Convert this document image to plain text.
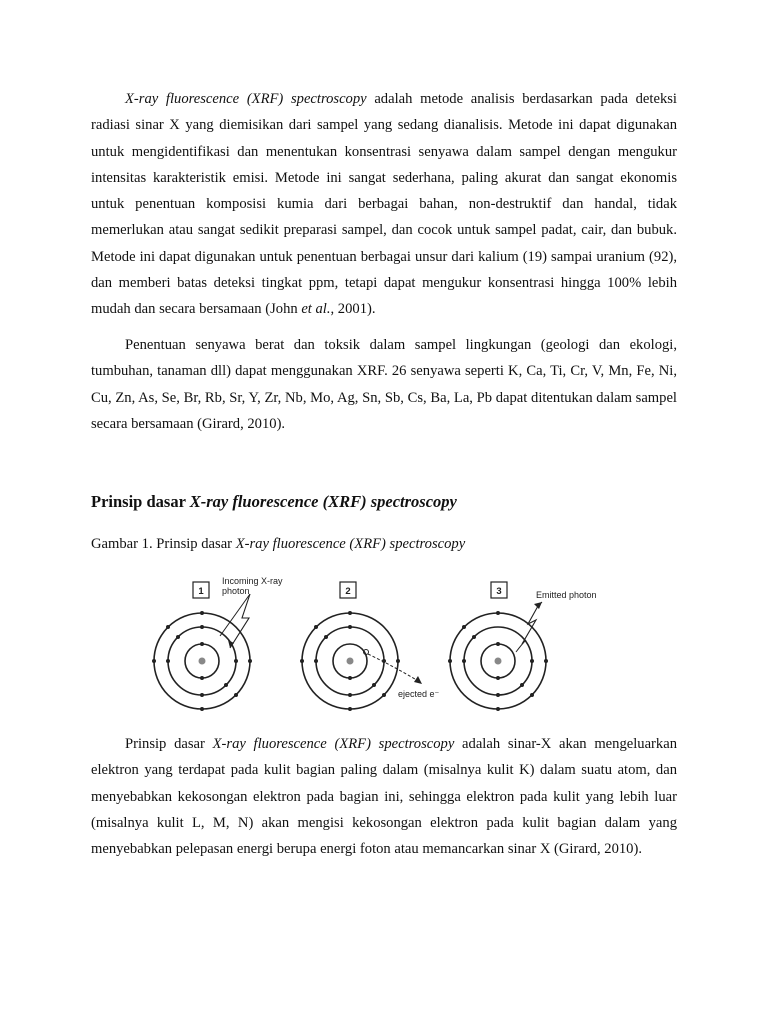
X-ray fluorescence (XRF) spectroscopy adalah metode analisis berdasarkan pada deteksi radiasi sinar X yang diemisikan dari sampel yang sedang dianalisis. Metode ini dapat digunakan untuk mengidentifikasi dan menentukan konsentrasi senyawa dalam sampel dengan mengukur intensitas karakteristik emisi. Metode ini sangat sederhana, paling akurat dan sangat ekonomis untuk penentuan komposisi kumia dari berbagai bahan, non-destruktif dan handal, tidak memerlukan atau sangat sedikit preparasi sampel, dan cocok untuk sampel padat, cair, dan bubuk. Metode ini dapat digunakan untuk penentuan berbagai unsur dari kalium (19) sampai uranium (92), dan memberi batas deteksi tingkat ppm, tetapi dapat mengukur konsentrasi hingga 100% lebih mudah dan secara bersamaan (John et al., 2001).

Penentuan senyawa berat dan toksik dalam sampel lingkungan (geologi dan ekologi, tumbuhan, tanaman dll) dapat menggunakan XRF. 26 senyawa seperti K, Ca, Ti, Cr, V, Mn, Fe, Ni, Cu, Zn, As, Se, Br, Rb, Sr, Y, Zr, Nb, Mo, Ag, Sn, Sb, Cs, Ba, La, Pb dapat ditentukan dalam sampel secara bersamaan (Girard, 2010).

Prinsip dasar X-ray fluorescence (XRF) spectroscopy

Gambar 1. Prinsip dasar X-ray fluorescence (XRF) spectroscopy

1
Incoming X-ray
photon	2
ejected e⁻
3	Emitted photon

Prinsip dasar X-ray fluorescence (XRF) spectroscopy adalah sinar-X akan mengeluarkan elektron yang terdapat pada kulit bagian paling dalam (misalnya kulit K) dalam suatu atom, dan menyebabkan kekosongan elektron pada bagian ini, sehingga elektron pada kulit yang lebih luar (misalnya kulit L, M, N) akan mengisi kekosongan elektron pada kulit bagian dalam yang menyebabkan pelepasan energi berupa energi foton atau memancarkan sinar X (Girard, 2010).
